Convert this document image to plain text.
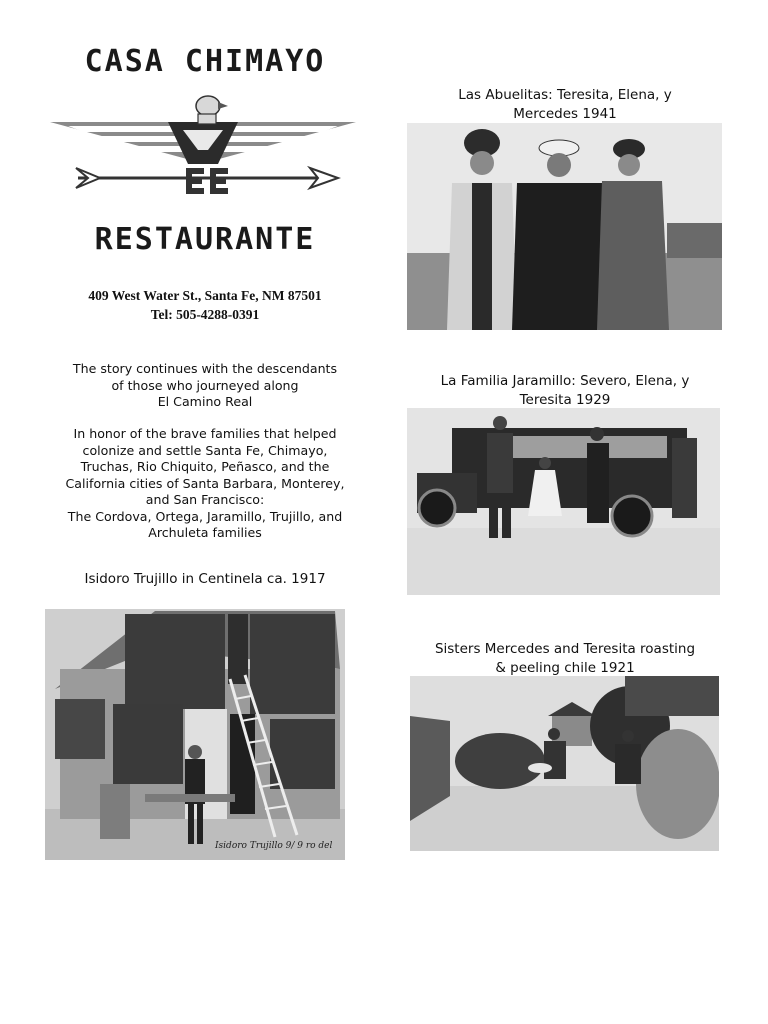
CASA CHIMAYO
RESTAURANTE
409 West Water St., Santa Fe, NM 87501
Tel: 505-4288-0391
The story continues with the descendants
of those who journeyed along
El Camino Real
In honor of the brave families that helped
colonize and settle Santa Fe, Chimayo,
Truchas, Rio Chiquito, Peñasco, and the
California cities of Santa Barbara, Monterey,
and San Francisco:
The Cordova, Ortega, Jaramillo, Trujillo, and
Archuleta families
Isidoro Trujillo in Centinela ca. 1917
Isidoro Trujillo 9/ 9 ro del
Las Abuelitas: Teresita, Elena, y
Mercedes 1941
La Familia Jaramillo: Severo, Elena, y
Teresita 1929
Sisters Mercedes and Teresita roasting
& peeling chile 1921
